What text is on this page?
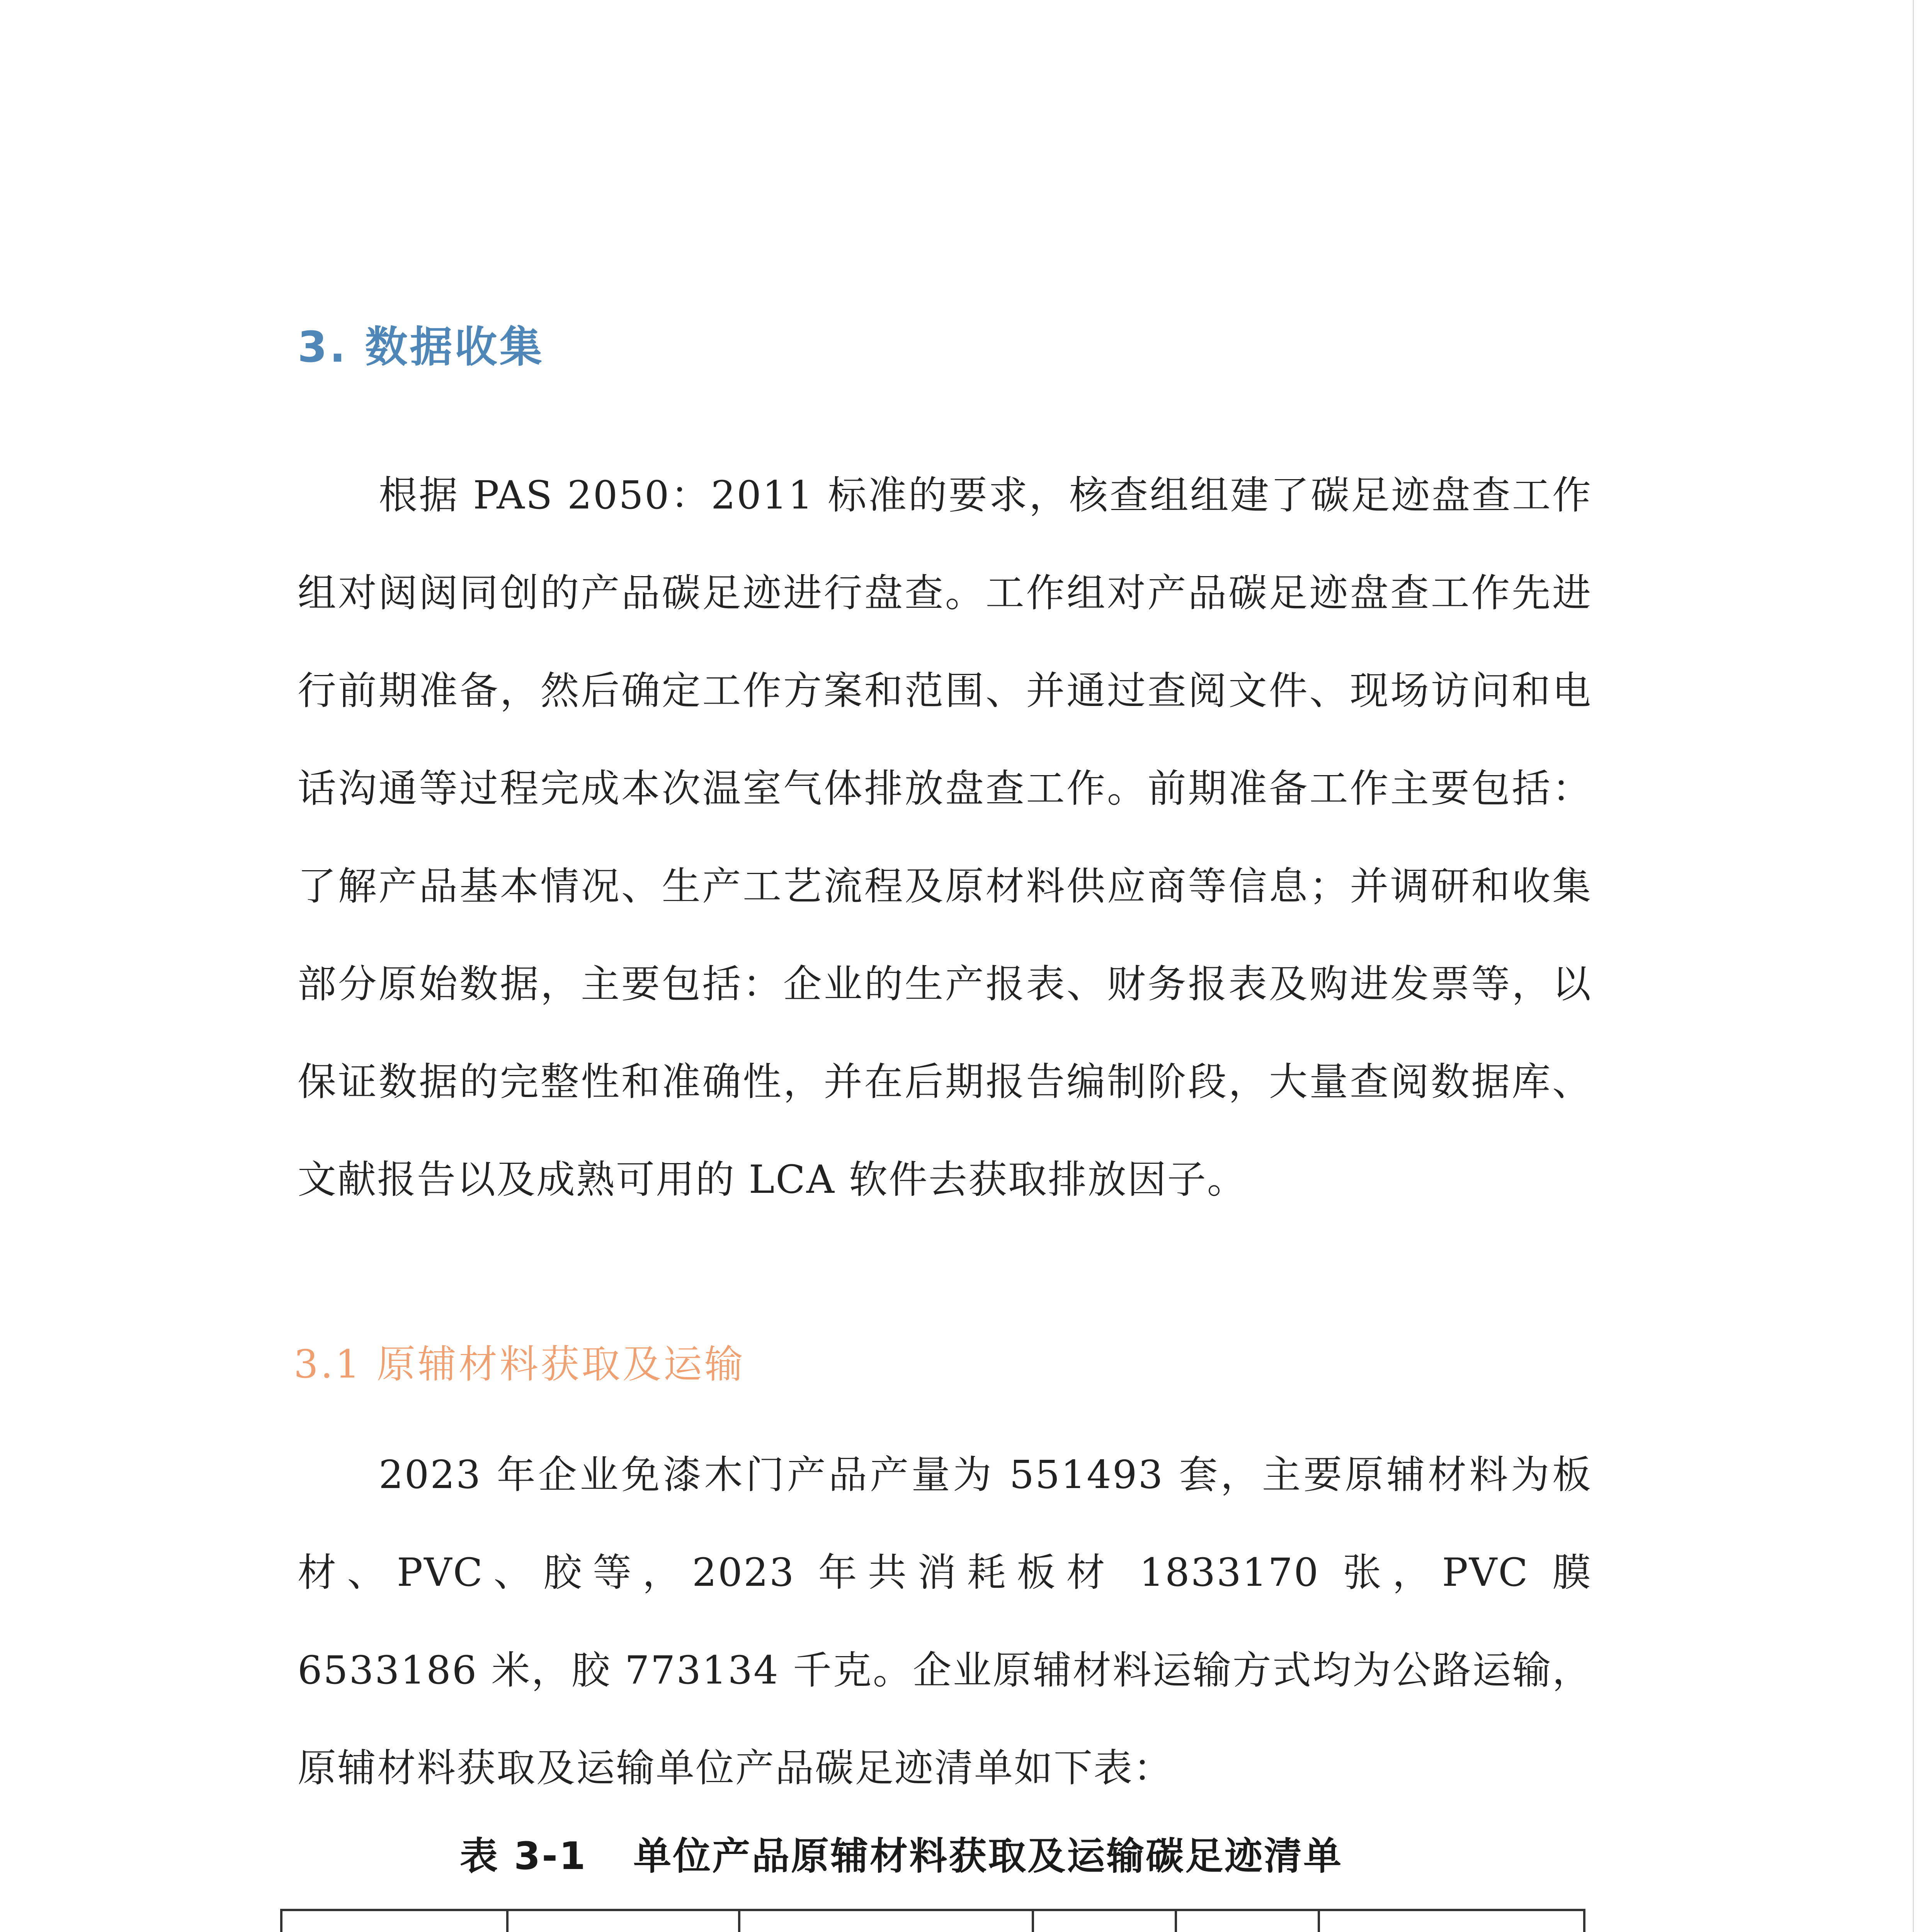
3. 数据收集

根据 PAS 2050：2011 标准的要求，核查组组建了碳足迹盘查工作组对闼闼同创的产品碳足迹进行盘查。工作组对产品碳足迹盘查工作先进行前期准备，然后确定工作方案和范围、并通过查阅文件、现场访问和电话沟通等过程完成本次温室气体排放盘查工作。前期准备工作主要包括：了解产品基本情况、生产工艺流程及原材料供应商等信息；并调研和收集部分原始数据，主要包括：企业的生产报表、财务报表及购进发票等，以保证数据的完整性和准确性，并在后期报告编制阶段，大量查阅数据库、文献报告以及成熟可用的 LCA 软件去获取排放因子。

3.1 原辅材料获取及运输

2023 年企业免漆木门产品产量为 551493 套，主要原辅材料为板材、PVC、胶等，2023 年共消耗板材 1833170 张，PVC 膜 6533186 米，胶 773134 千克。企业原辅材料运输方式均为公路运输，原辅材料获取及运输单位产品碳足迹清单如下表：

表 3-1 单位产品原辅材料获取及运输碳足迹清单
